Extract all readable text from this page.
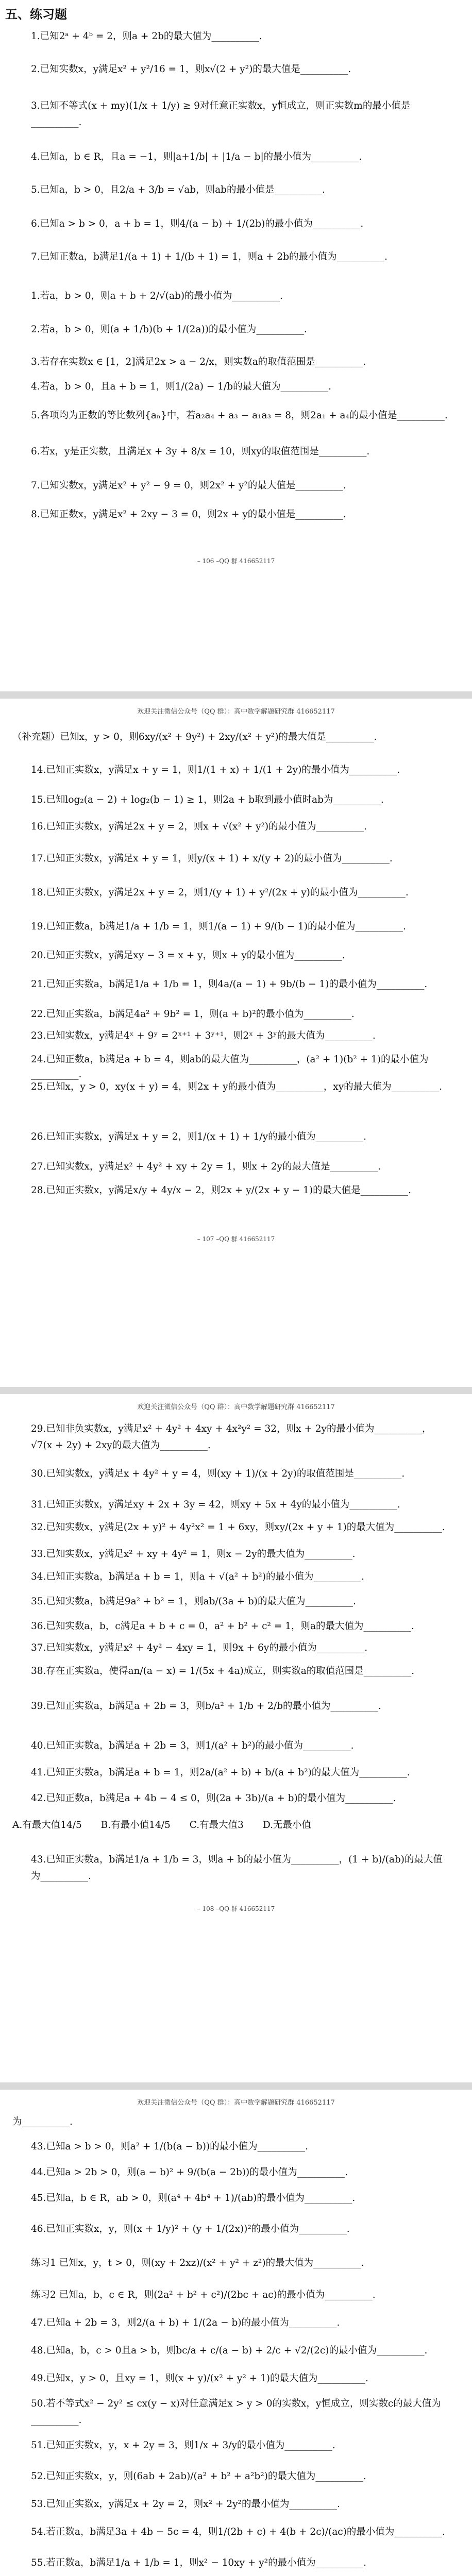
五、练习题
1.已知2ᵃ + 4ᵇ = 2，则a + 2b的最大值为__________.
2.已知实数x，y满足x² + y²/16 = 1，则x√(2 + y²)的最大值是__________.
3.已知不等式(x + my)(1/x + 1/y) ≥ 9对任意正实数x，y恒成立，则正实数m的最小值是__________.
4.已知a，b ∈ R，且a = −1，则|a+1/b| + |1/a − b|的最小值为__________.
5.已知a，b > 0，且2/a + 3/b = √ab，则ab的最小值是__________.
6.已知a > b > 0，a + b = 1，则4/(a − b) + 1/(2b)的最小值为__________.
7.已知正数a，b满足1/(a + 1) + 1/(b + 1) = 1，则a + 2b的最小值为__________.
1.若a，b > 0，则a + b + 2/√(ab)的最小值为__________.
2.若a，b > 0，则(a + 1/b)(b + 1/(2a))的最小值为__________.
3.若存在实数x ∈ [1，2]满足2x > a − 2/x，则实数a的取值范围是__________.
4.若a，b > 0，且a + b = 1，则1/(2a) − 1/b的最大值为__________.
5.各项均为正数的等比数列{aₙ}中，若a₂a₄ + a₃ − a₁a₃ = 8，则2a₁ + a₄的最小值是__________.
6.若x，y是正实数，且满足x + 3y + 8/x = 10，则xy的取值范围是__________.
7.已知实数x，y满足x² + y² − 9 = 0，则2x² + y²的最大值是__________.
8.已知正数x，y满足x² + 2xy − 3 = 0，则2x + y的最小值是__________.
– 106 –QQ 群 416652117
欢迎关注微信公众号（QQ 群）：高中数学解题研究群 416652117
（补充题）已知x，y > 0，则6xy/(x² + 9y²) + 2xy/(x² + y²)的最大值是__________.
14.已知正实数x，y满足x + y = 1，则1/(1 + x) + 1/(1 + 2y)的最小值为__________.
15.已知log₂(a − 2) + log₂(b − 1) ≥ 1，则2a + b取到最小值时ab为__________.
16.已知正实数x，y满足2x + y = 2，则x + √(x² + y²)的最小值为__________.
17.已知正实数x，y满足x + y = 1，则y/(x + 1) + x/(y + 2)的最小值为__________.
18.已知正实数x，y满足2x + y = 2，则1/(y + 1) + y²/(2x + y)的最小值为__________.
19.已知正数a，b满足1/a + 1/b = 1，则1/(a − 1) + 9/(b − 1)的最小值为__________.
20.已知正实数x，y满足xy − 3 = x + y，则x + y的最小值为__________.
21.已知正实数a，b满足1/a + 1/b = 1，则4a/(a − 1) + 9b/(b − 1)的最小值为__________.
22.已知正实数a，b满足4a² + 9b² = 1，则(a + b)²的最小值为__________.
23.已知实数x，y满足4ˣ + 9ʸ = 2ˣ⁺¹ + 3ʸ⁺¹，则2ˣ + 3ʸ的最大值为__________.
24.已知正数a，b满足a + b = 4，则ab的最大值为__________，(a² + 1)(b² + 1)的最小值为__________.
25.已知x，y > 0，xy(x + y) = 4，则2x + y的最小值为__________，xy的最大值为__________.
26.已知正实数x，y满足x + y = 2，则1/(x + 1) + 1/y的最小值为__________.
27.已知实数x，y满足x² + 4y² + xy + 2y = 1，则x + 2y的最大值是__________.
28.已知正实数x，y满足x/y + 4y/x − 2，则2x + y/(2x + y − 1)的最大值是__________.
– 107 –QQ 群 416652117
欢迎关注微信公众号（QQ 群）：高中数学解题研究群 416652117
29.已知非负实数x，y满足x² + 4y² + 4xy + 4x²y² = 32，则x + 2y的最小值为__________，√7(x + 2y) + 2xy的最大值为__________.
30.已知实数x，y满足x + 4y² + y = 4，则(xy + 1)/(x + 2y)的取值范围是__________.
31.已知正实数x，y满足xy + 2x + 3y = 42，则xy + 5x + 4y的最小值为__________.
32.已知实数x，y满足(2x + y)² + 4y²x² = 1 + 6xy，则xy/(2x + y + 1)的最大值为__________.
33.已知实数x，y满足x² + xy + 4y² = 1，则x − 2y的最大值为__________.
34.已知正实数a，b满足a + b = 1，则a + √(a² + b²)的最小值为__________.
35.已知实数a，b满足9a² + b² = 1，则ab/(3a + b)的最大值为__________.
36.已知实数a，b，c满足a + b + c = 0，a² + b² + c² = 1，则a的最大值为__________.
37.已知实数x，y满足x² + 4y² − 4xy = 1，则9x + 6y的最小值为__________.
38.存在正实数a，使得an/(a − x) = 1/(5x + 4a)成立，则实数a的取值范围是__________.
39.已知正实数a，b满足a + 2b = 3，则b/a² + 1/b + 2/b的最小值为__________.
40.已知正实数a，b满足a + 2b = 3，则1/(a² + b²)的最小值为__________.
41.已知正实数a，b满足a + b = 1，则2a/(a² + b) + b/(a + b²)的最大值为__________.
42.已知正数a，b满足a + 4b − 4 ≤ 0，则(2a + 3b)/(a + b)的最小值为__________.
A.有最大值14/5　　B.有最小值14/5　　C.有最大值3　　D.无最小值
43.已知正实数a，b满足1/a + 1/b = 3，则a + b的最小值为__________，(1 + b)/(ab)的最大值为__________.
– 108 –QQ 群 416652117
欢迎关注微信公众号（QQ 群）：高中数学解题研究群 416652117
为__________.
43.已知a > b > 0，则a² + 1/(b(a − b))的最小值为__________.
44.已知a > 2b > 0，则(a − b)² + 9/(b(a − 2b))的最小值为__________.
45.已知a，b ∈ R，ab > 0，则(a⁴ + 4b⁴ + 1)/(ab)的最小值为__________.
46.已知正实数x，y，则(x + 1/y)² + (y + 1/(2x))²的最小值为__________.
练习1 已知x，y，t > 0，则(xy + 2xz)/(x² + y² + z²)的最大值为__________.
练习2 已知a，b，c ∈ R，则(2a² + b² + c²)/(2bc + ac)的最小值为__________.
47.已知a + 2b = 3，则2/(a + b) + 1/(2a − b)的最小值为__________.
48.已知a，b，c > 0且a > b，则bc/a + c/(a − b) + 2/c + √2/(2c)的最小值为__________.
49.已知x，y > 0，且xy = 1，则(x + y)/(x² + y² + 1)的最大值为__________.
50.若不等式x² − 2y² ≤ cx(y − x)对任意满足x > y > 0的实数x，y恒成立，则实数c的最大值为__________.
51.已知正实数x，y，x + 2y = 3，则1/x + 3/y的最小值为__________.
52.已知正实数x，y，则(6ab + 2ab)/(a² + b² + a²b²)的最大值为__________.
53.已知正实数x，y满足x + 2y = 2，则x² + 2y²的最小值为__________.
54.若正数a，b满足3a + 4b − 5c = 4，则1/(2b + c) + 4(b + 2c)/(ac)的最小值为__________.
55.若正数a，b满足1/a + 1/b = 1，则x² − 10xy + y²的最小值为__________.
